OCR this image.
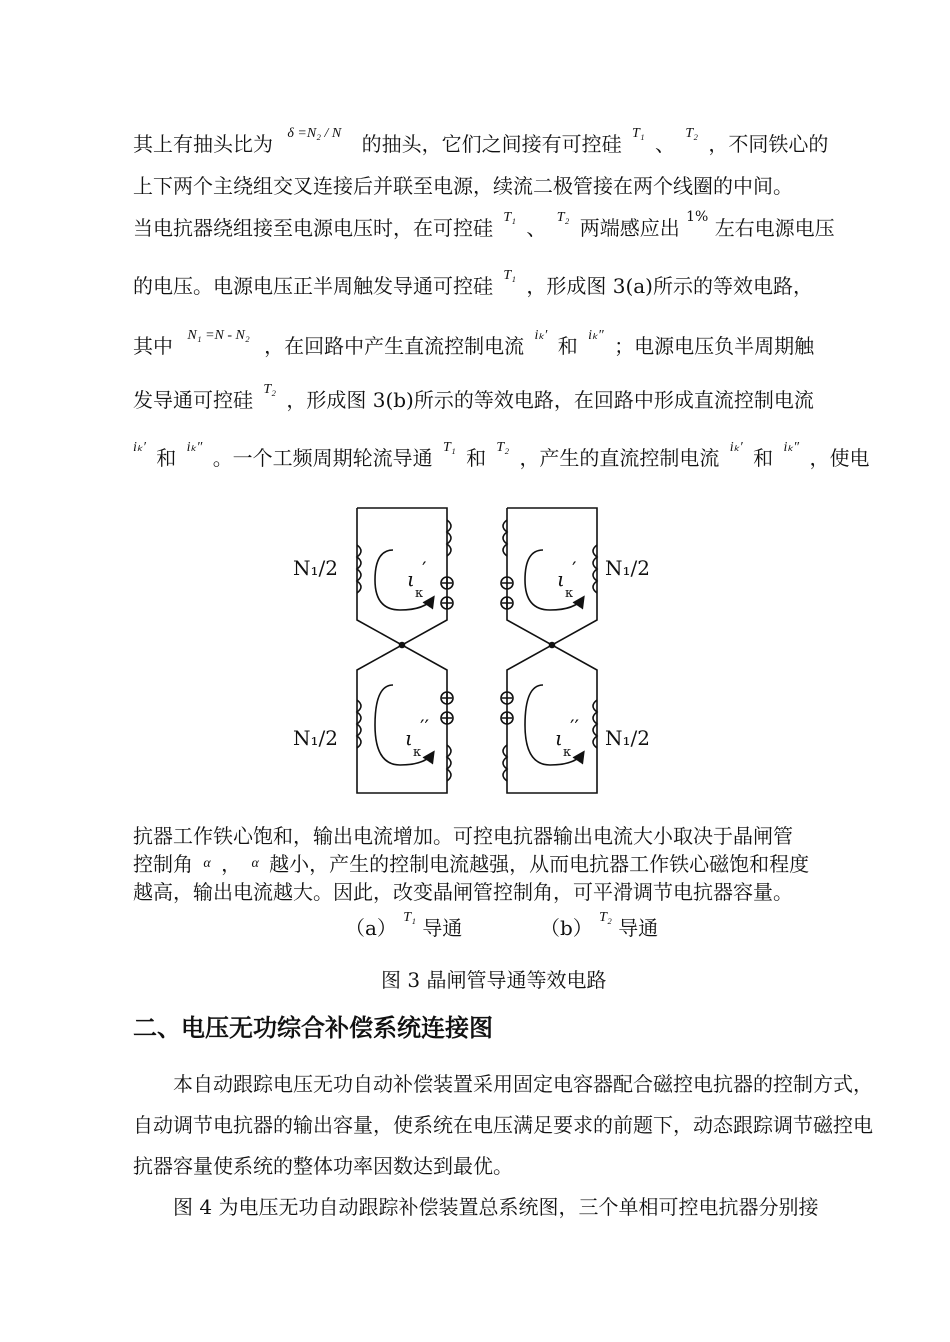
其上有抽头比为 $^{\delta =N_2 / N}$ 的抽头，它们之间接有可控硅 $^{T_1}$ 、 $^{T_2}$ ，不同铁心的
上下两个主绕组交叉连接后并联至电源，续流二极管接在两个线圈的中间。
当电抗器绕组接至电源电压时，在可控硅 $^{T_1}$ 、 $^{T_2}$ 两端感应出 $^{1\%}$ 左右电源电压
的电压。电源电压正半周触发导通可控硅 $^{T_1}$ ，形成图 3(a)所示的等效电路，
其中 $^{N_1 =N - N_2}$ ，在回路中产生直流控制电流 $^{i_k'}$ 和 $^{i_k''}$ ；电源电压负半周期触
发导通可控硅 $^{T_2}$ ，形成图 3(b)所示的等效电路，在回路中形成直流控制电流
$^{i_k'}$ 和 $^{i_k''}$ 。一个工频周期轮流导通 $^{T_1}$ 和 $^{T_2}$ ，产生的直流控制电流 $^{i_k'}$ 和 $^{i_k''}$ ，使电
N₁/2
N₁/2
N₁/2
N₁/2
ι ′
κ
ι ′
κ
ι ′′
κ
ι ′′
κ
抗器工作铁心饱和，输出电流增加。可控电抗器输出电流大小取决于晶闸管
控制角 $^\alpha$ ， $^\alpha$ 越小，产生的控制电流越强，从而电抗器工作铁心磁饱和程度
越高，输出电流越大。因此，改变晶闸管控制角，可平滑调节电抗器容量。
（a） $^{T_1}$ 导通	（b） $^{T_2}$ 导通
图 3 晶闸管导通等效电路
二、电压无功综合补偿系统连接图
本自动跟踪电压无功自动补偿装置采用固定电容器配合磁控电抗器的控制方式，自动调节电抗器的输出容量，使系统在电压满足要求的前题下，动态跟踪调节磁控电抗器容量使系统的整体功率因数达到最优。
图 4 为电压无功自动跟踪补偿装置总系统图，三个单相可控电抗器分别接
